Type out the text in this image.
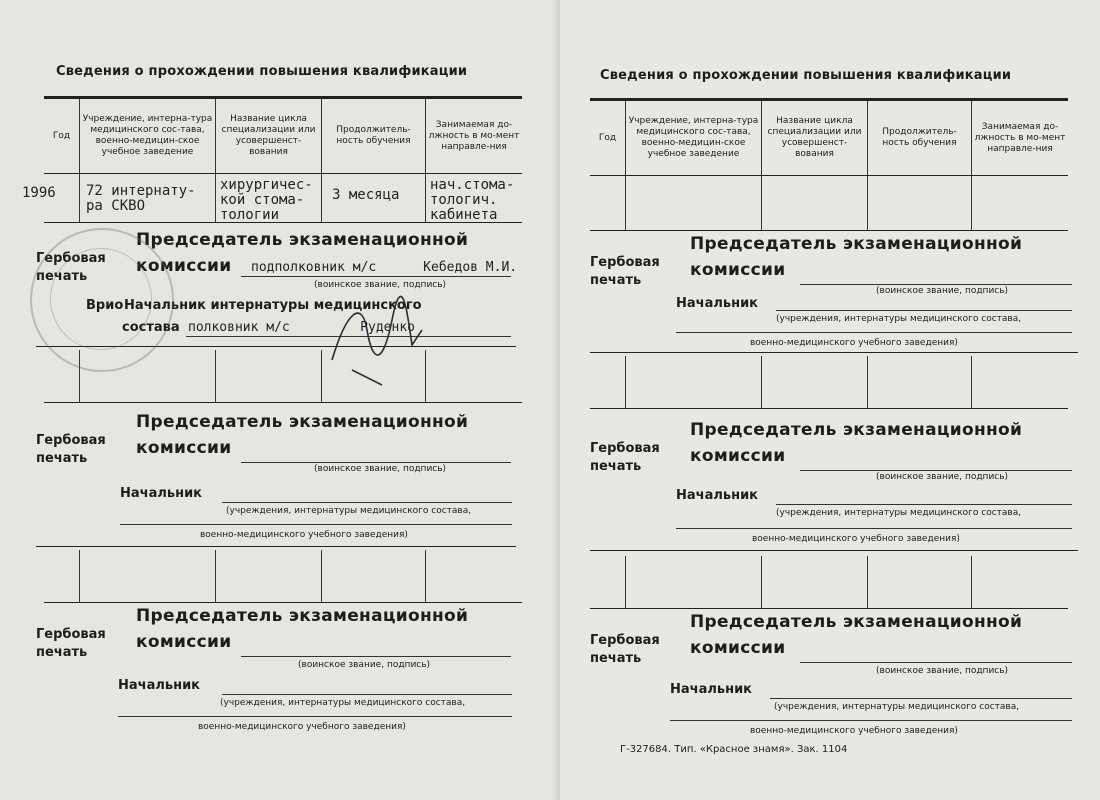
Сведения о прохождении повышения квалификации
Год
Учреждение, интерна-тура медицинского сос-тава, военно-медицин-ское учебное заведение
Название цикла специализации или усовершенст-вования
Продолжитель-ность обучения
Занимаемая до-лжность в мо-мент направле-ния
1996 72 интернату-
ра СКВО
хирургичес-
кой стома-
тологии
3 месяца
нач.стома-
тологич.
кабинета
Гербовая
печать
Председатель экзаменационной
комиссии подполковник м/с      Кебедов М.И.
(воинское звание, подпись)
Врио Начальник интернатуры медицинского
состава полковник м/с         Руденко
Гербовая
печать
Председатель экзаменационной
комиссии
(воинское звание, подпись)
Начальник
(учреждения, интернатуры медицинского состава,
военно-медицинского учебного заведения)
Гербовая
печать
Председатель экзаменационной
комиссии
(воинское звание, подпись)
Начальник
(учреждения, интернатуры медицинского состава,
военно-медицинского учебного заведения)
Сведения о прохождении повышения квалификации
Год
Учреждение, интерна-тура медицинского сос-тава, военно-медицин-ское учебное заведение
Название цикла специализации или усовершенст-вования
Продолжитель-ность обучения
Занимаемая до-лжность в мо-мент направле-ния
Гербовая
печать
Председатель экзаменационной
комиссии
(воинское звание, подпись)
Начальник
(учреждения, интернатуры медицинского состава,
военно-медицинского учебного заведения)
Гербовая
печать
Председатель экзаменационной
комиссии
(воинское звание, подпись)
Начальник
(учреждения, интернатуры медицинского состава,
военно-медицинского учебного заведения)
Гербовая
печать
Председатель экзаменационной
комиссии
(воинское звание, подпись)
Начальник
(учреждения, интернатуры медицинского состава,
военно-медицинского учебного заведения)
Г-327684. Тип. «Красное знамя». Зак. 1104
